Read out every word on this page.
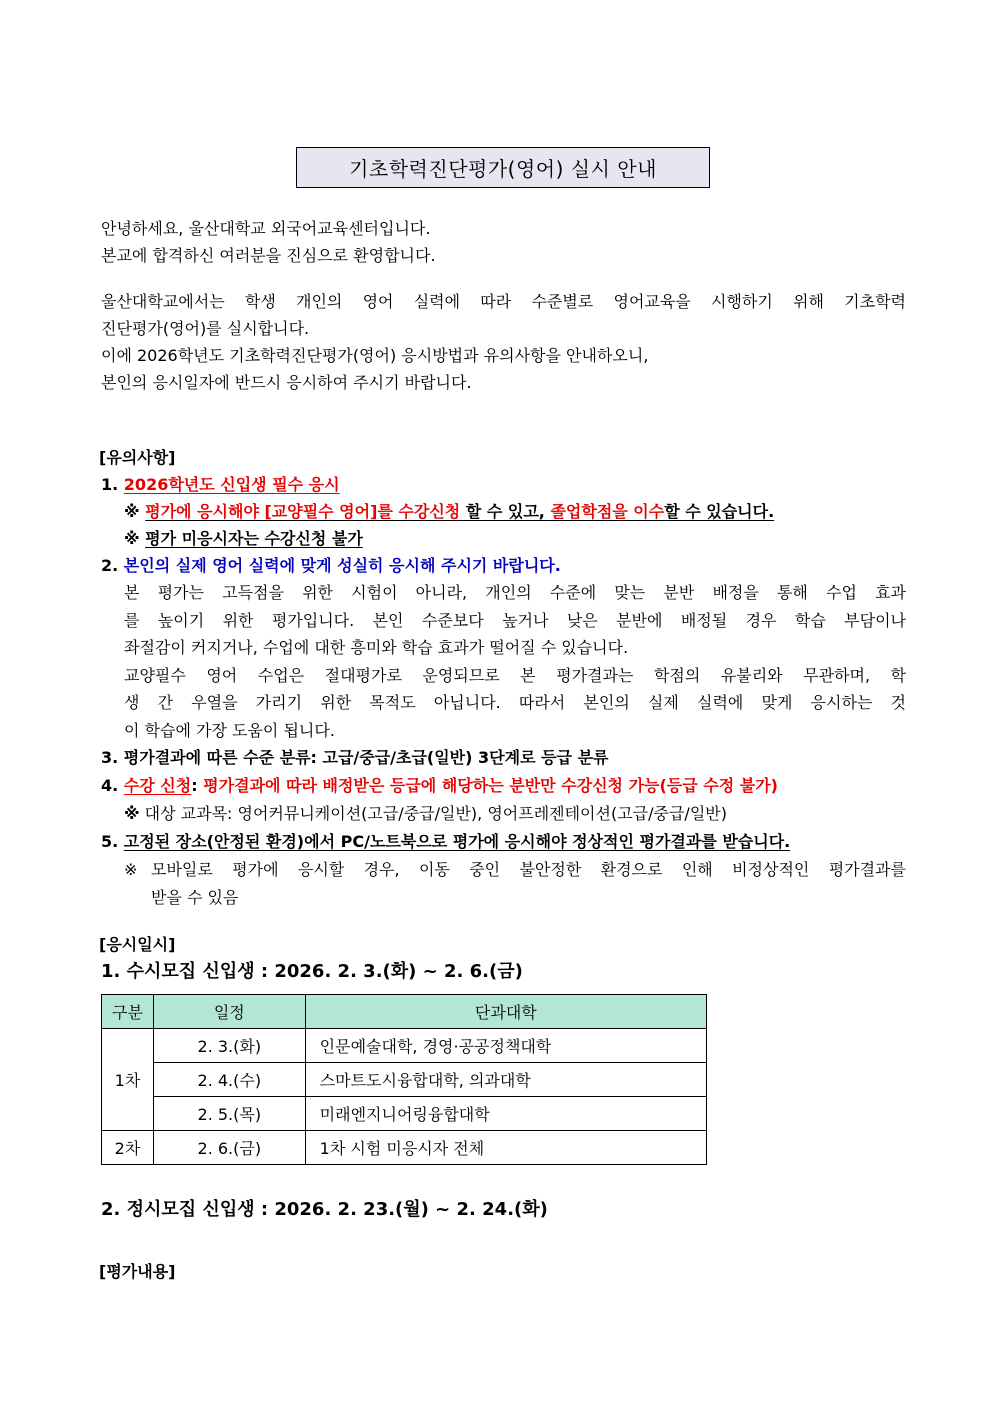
기초학력진단평가(영어) 실시 안내
안녕하세요, 울산대학교 외국어교육센터입니다.
본교에 합격하신 여러분을 진심으로 환영합니다.
울산대학교에서는 학생 개인의 영어 실력에 따라 수준별로 영어교육을 시행하기 위해 기초학력
진단평가(영어)를 실시합니다.
이에 2026학년도 기초학력진단평가(영어) 응시방법과 유의사항을 안내하오니,
본인의 응시일자에 반드시 응시하여 주시기 바랍니다.
[유의사항]
1. 2026학년도 신입생 필수 응시
※ 평가에 응시해야 [교양필수 영어]를 수강신청 할 수 있고, 졸업학점을 이수할 수 있습니다.
※ 평가 미응시자는 수강신청 불가
2. 본인의 실제 영어 실력에 맞게 성실히 응시해 주시기 바랍니다.
본 평가는 고득점을 위한 시험이 아니라, 개인의 수준에 맞는 분반 배정을 통해 수업 효과
를 높이기 위한 평가입니다. 본인 수준보다 높거나 낮은 분반에 배정될 경우 학습 부담이나
좌절감이 커지거나, 수업에 대한 흥미와 학습 효과가 떨어질 수 있습니다.
교양필수 영어 수업은 절대평가로 운영되므로 본 평가결과는 학점의 유불리와 무관하며, 학
생 간 우열을 가리기 위한 목적도 아닙니다. 따라서 본인의 실제 실력에 맞게 응시하는 것
이 학습에 가장 도움이 됩니다.
3. 평가결과에 따른 수준 분류: 고급/중급/초급(일반) 3단계로 등급 분류
4. 수강 신청: 평가결과에 따라 배정받은 등급에 해당하는 분반만 수강신청 가능(등급 수정 불가)
※ 대상 교과목: 영어커뮤니케이션(고급/중급/일반), 영어프레젠테이션(고급/중급/일반)
5. 고정된 장소(안정된 환경)에서 PC/노트북으로 평가에 응시해야 정상적인 평가결과를 받습니다.
※ 모바일로 평가에 응시할 경우, 이동 중인 불안정한 환경으로 인해 비정상적인 평가결과를
받을 수 있음
[응시일시]
1. 수시모집 신입생 : 2026. 2. 3.(화) ~ 2. 6.(금)
구분	일정	단과대학
1차	2. 3.(화)	인문예술대학, 경영·공공정책대학
	2. 4.(수)	스마트도시융합대학, 의과대학
	2. 5.(목)	미래엔지니어링융합대학
2차	2. 6.(금)	1차 시험 미응시자 전체
2. 정시모집 신입생 : 2026. 2. 23.(월) ~ 2. 24.(화)
[평가내용]
